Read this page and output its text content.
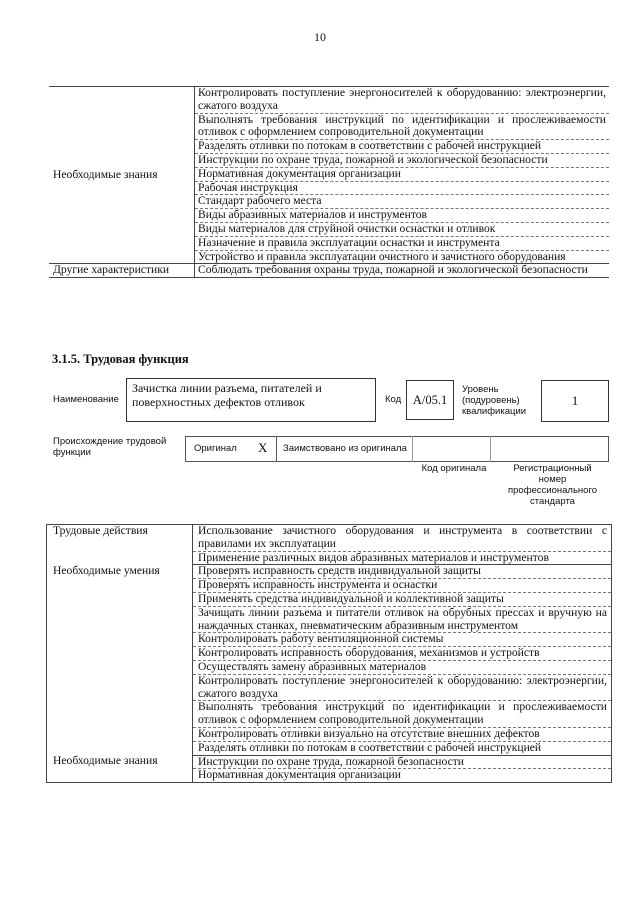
10
Необходимые знания	Контролировать поступление энергоносителей к оборудованию: электроэнергии, сжатого воздуха
	Выполнять требования инструкций по идентификации и прослеживаемости отливок с оформлением сопроводительной документации
	Разделять отливки по потокам в соответствии с рабочей инструкцией
	Инструкции по охране труда, пожарной и экологической безопасности
	Нормативная документация организации
	Рабочая инструкция
	Стандарт рабочего места
	Виды абразивных материалов и инструментов
	Виды материалов для струйной очистки оснастки и отливок
	Назначение и правила эксплуатации оснастки и инструмента
	Устройство и правила эксплуатации очистного и зачистного оборудования
Другие характеристики	Соблюдать требования охраны труда, пожарной и экологической безопасности
3.1.5. Трудовая функция
Наименование
Зачистка линии разъема, питателей и поверхностных дефектов отливок	Код A/05.1
Уровень (подуровень) квалификации
1
Происхождение трудовой функции	Оригинал X Заимствовано из оригинала
Код оригинала	Регистрационный номер профессионального стандарта
Трудовые действия	Использование зачистного оборудования и инструмента в соответствии с правилами их эксплуатации
	Применение различных видов абразивных материалов и инструментов
Необходимые умения	Проверять исправность средств индивидуальной защиты
	Проверять исправность инструмента и оснастки
	Применять средства индивидуальной и коллективной защиты
	Зачищать линии разъема и питатели отливок на обрубных прессах и вручную на наждачных станках, пневматическим абразивным инструментом
	Контролировать работу вентиляционной системы
	Контролировать исправность оборудования, механизмов и устройств
	Осуществлять замену абразивных материалов
	Контролировать поступление энергоносителей к оборудованию: электроэнергии, сжатого воздуха
	Выполнять требования инструкций по идентификации и прослеживаемости отливок с оформлением сопроводительной документации
	Контролировать отливки визуально на отсутствие внешних дефектов
	Разделять отливки по потокам в соответствии с рабочей инструкцией
Необходимые знания	Инструкции по охране труда, пожарной безопасности
	Нормативная документация организации
